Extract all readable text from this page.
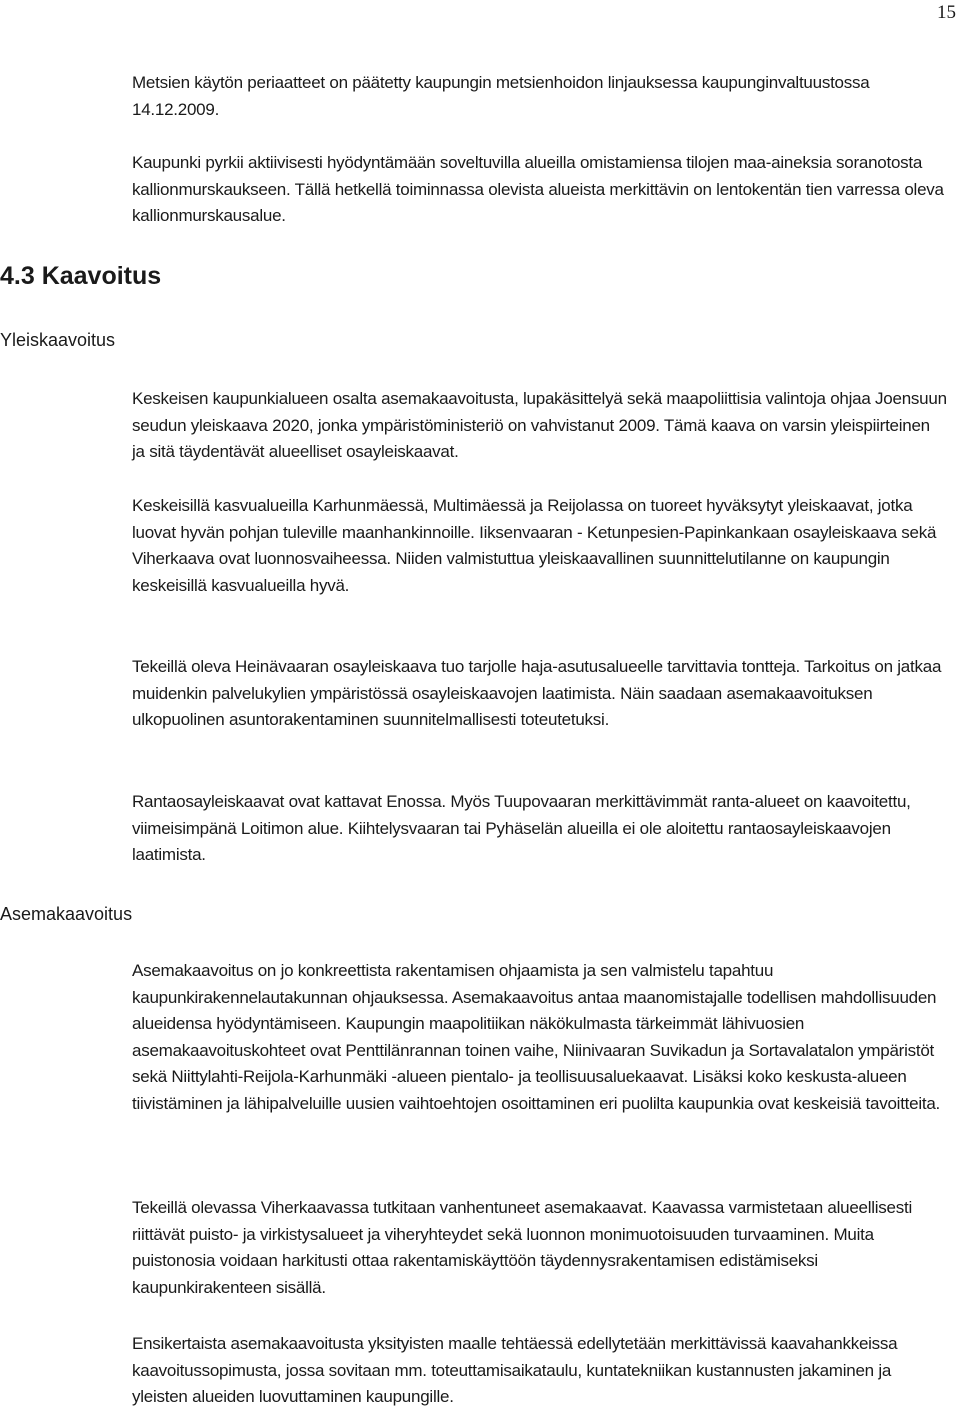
15

Metsien käytön periaatteet on päätetty kaupungin metsienhoidon linjauksessa kaupunginvaltuustossa 14.12.2009.

Kaupunki pyrkii aktiivisesti hyödyntämään soveltuvilla alueilla omistamiensa tilojen maa-aineksia soranotosta kallionmurskaukseen. Tällä hetkellä toiminnassa olevista alueista merkittävin on lentokentän tien varressa oleva kallionmurskausalue.

4.3 Kaavoitus
Yleiskaavoitus

Keskeisen kaupunkialueen osalta asemakaavoitusta, lupakäsittelyä sekä maapoliittisia valintoja ohjaa Joensuun seudun yleiskaava 2020, jonka ympäristöministeriö on vahvistanut 2009. Tämä kaava on varsin yleispiirteinen ja sitä täydentävät alueelliset osayleiskaavat.

Keskeisillä kasvualueilla Karhunmäessä, Multimäessä ja Reijolassa on tuoreet hyväksytyt yleiskaavat, jotka luovat hyvän pohjan tuleville maanhankinnoille. Iiksenvaaran - Ketunpesien-Papinkankaan osayleiskaava sekä Viherkaava ovat luonnosvaiheessa. Niiden valmistuttua yleiskaavallinen suunnittelutilanne on kaupungin keskeisillä kasvualueilla hyvä.

Tekeillä oleva Heinävaaran osayleiskaava tuo tarjolle haja-asutusalueelle tarvittavia tontteja. Tarkoitus on jatkaa muidenkin palvelukylien ympäristössä osayleiskaavojen laatimista. Näin saadaan asemakaavoituksen ulkopuolinen asuntorakentaminen suunnitelmallisesti toteutetuksi.

Rantaosayleiskaavat ovat kattavat Enossa. Myös Tuupovaaran merkittävimmät ranta-alueet on kaavoitettu, viimeisimpänä Loitimon alue. Kiihtelysvaaran tai Pyhäselän alueilla ei ole aloitettu rantaosayleiskaavojen laatimista.

Asemakaavoitus

Asemakaavoitus on jo konkreettista rakentamisen ohjaamista ja sen valmistelu tapahtuu kaupunkirakennelautakunnan ohjauksessa. Asemakaavoitus antaa maanomistajalle todellisen mahdollisuuden alueidensa hyödyntämiseen. Kaupungin maapolitiikan näkökulmasta tärkeimmät lähivuosien asemakaavoituskohteet ovat Penttilänrannan toinen vaihe, Niinivaaran Suvikadun ja Sortavalatalon ympäristöt sekä Niittylahti-Reijola-Karhunmäki -alueen pientalo- ja teollisuusaluekaavat. Lisäksi koko keskusta-alueen tiivistäminen ja lähipalveluille uusien vaihtoehtojen osoittaminen eri puolilta kaupunkia ovat keskeisiä tavoitteita.

Tekeillä olevassa Viherkaavassa tutkitaan vanhentuneet asemakaavat. Kaavassa varmistetaan alueellisesti riittävät puisto- ja virkistysalueet ja viheryhteydet sekä luonnon monimuotoisuuden turvaaminen. Muita puistonosia voidaan harkitusti ottaa rakentamiskäyttöön täydennysrakentamisen edistämiseksi kaupunkirakenteen sisällä.

Ensikertaista asemakaavoitusta yksityisten maalle tehtäessä edellytetään merkittävissä kaavahankkeissa kaavoitussopimusta, jossa sovitaan mm. toteuttamisaikataulu, kuntatekniikan kustannusten jakaminen ja yleisten alueiden luovuttaminen kaupungille.
